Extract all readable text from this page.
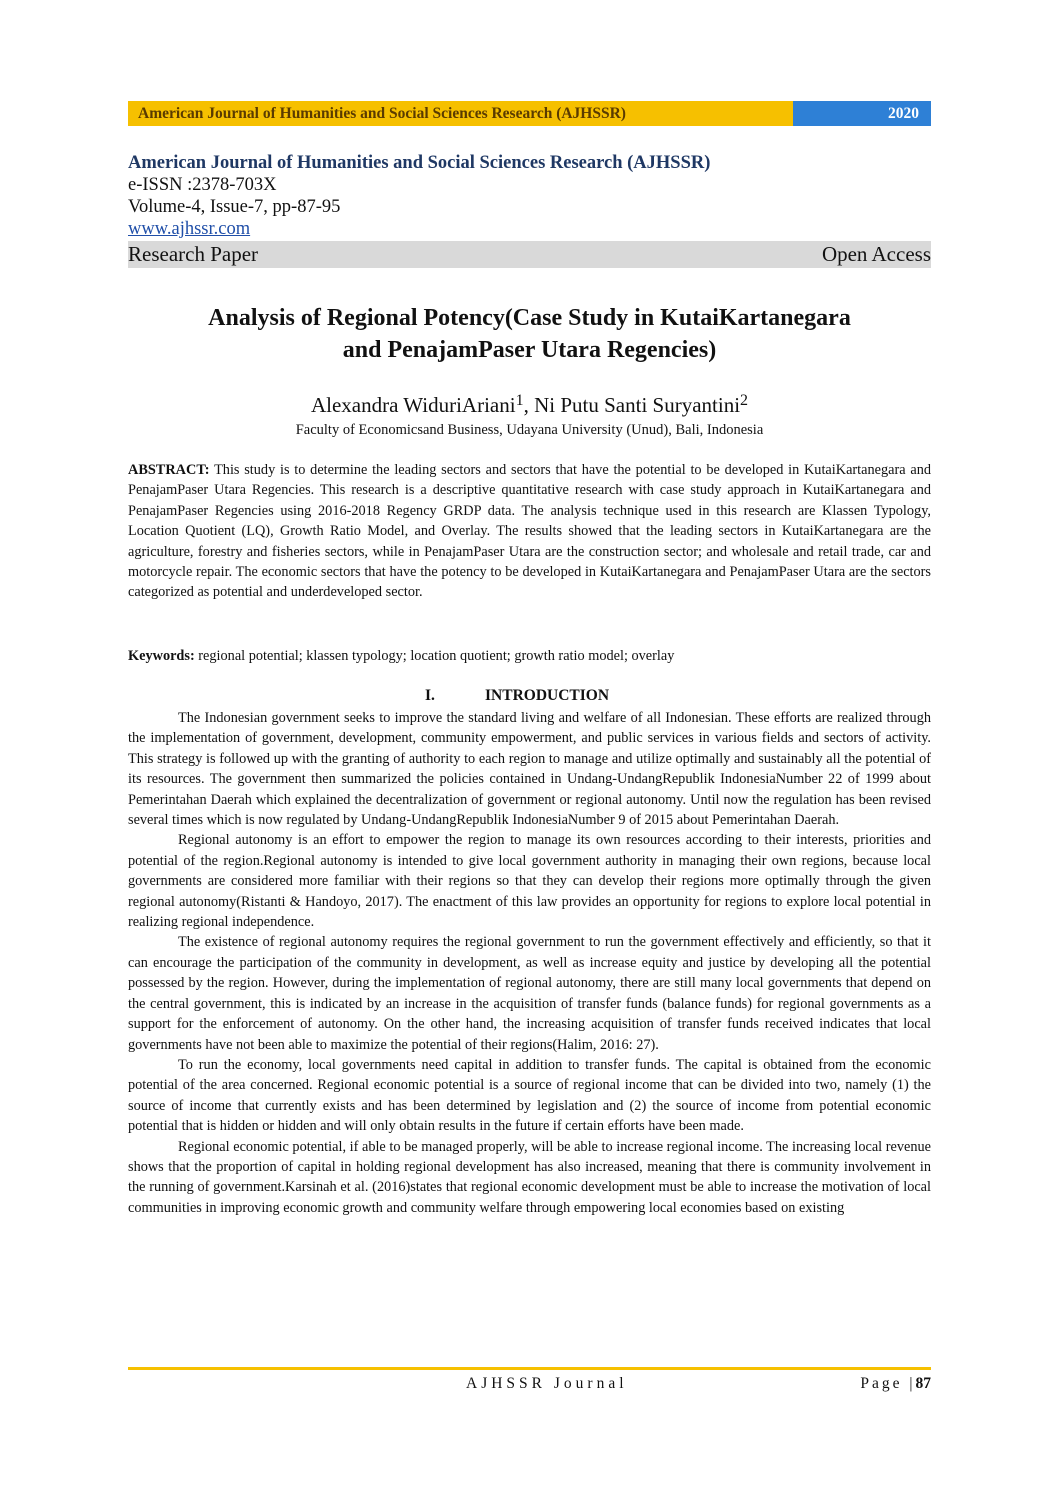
American Journal of Humanities and Social Sciences Research (AJHSSR)	2020
American Journal of Humanities and Social Sciences Research (AJHSSR)
e-ISSN :2378-703X
Volume-4, Issue-7, pp-87-95
www.ajhssr.com
Research Paper	Open Access
Analysis of Regional Potency(Case Study in KutaiKartanegara
and PenajamPaser Utara Regencies)
Alexandra WiduriAriani$^1$, Ni Putu Santi Suryantini$^2$
Faculty of Economicsand Business, Udayana University (Unud), Bali, Indonesia
ABSTRACT: This study is to determine the leading sectors and sectors that have the potential to be developed in KutaiKartanegara and PenajamPaser Utara Regencies. This research is a descriptive quantitative research with case study approach in KutaiKartanegara and PenajamPaser Regencies using 2016-2018 Regency GRDP data. The analysis technique used in this research are Klassen Typology, Location Quotient (LQ), Growth Ratio Model, and Overlay. The results showed that the leading sectors in KutaiKartanegara are the agriculture, forestry and fisheries sectors, while in PenajamPaser Utara are the construction sector; and wholesale and retail trade, car and motorcycle repair. The economic sectors that have the potency to be developed in KutaiKartanegara and PenajamPaser Utara are the sectors categorized as potential and underdeveloped sector.
Keywords: regional potential; klassen typology; location quotient; growth ratio model; overlay
I.	INTRODUCTION

The Indonesian government seeks to improve the standard living and welfare of all Indonesian. These efforts are realized through the implementation of government, development, community empowerment, and public services in various fields and sectors of activity. This strategy is followed up with the granting of authority to each region to manage and utilize optimally and sustainably all the potential of its resources. The government then summarized the policies contained in Undang-UndangRepublik IndonesiaNumber 22 of 1999 about Pemerintahan Daerah which explained the decentralization of government or regional autonomy. Until now the regulation has been revised several times which is now regulated by Undang-UndangRepublik IndonesiaNumber 9 of 2015 about Pemerintahan Daerah.

Regional autonomy is an effort to empower the region to manage its own resources according to their interests, priorities and potential of the region.Regional autonomy is intended to give local government authority in managing their own regions, because local governments are considered more familiar with their regions so that they can develop their regions more optimally through the given regional autonomy(Ristanti & Handoyo, 2017). The enactment of this law provides an opportunity for regions to explore local potential in realizing regional independence.

The existence of regional autonomy requires the regional government to run the government effectively and efficiently, so that it can encourage the participation of the community in development, as well as increase equity and justice by developing all the potential possessed by the region. However, during the implementation of regional autonomy, there are still many local governments that depend on the central government, this is indicated by an increase in the acquisition of transfer funds (balance funds) for regional governments as a support for the enforcement of autonomy. On the other hand, the increasing acquisition of transfer funds received indicates that local governments have not been able to maximize the potential of their regions(Halim, 2016: 27).

To run the economy, local governments need capital in addition to transfer funds. The capital is obtained from the economic potential of the area concerned. Regional economic potential is a source of regional income that can be divided into two, namely (1) the source of income that currently exists and has been determined by legislation and (2) the source of income from potential economic potential that is hidden or hidden and will only obtain results in the future if certain efforts have been made.

Regional economic potential, if able to be managed properly, will be able to increase regional income. The increasing local revenue shows that the proportion of capital in holding regional development has also increased, meaning that there is community involvement in the running of government.Karsinah et al. (2016)states that regional economic development must be able to increase the motivation of local communities in improving economic growth and community welfare through empowering local economies based on existing

AJHSSR Journal	Page |87
